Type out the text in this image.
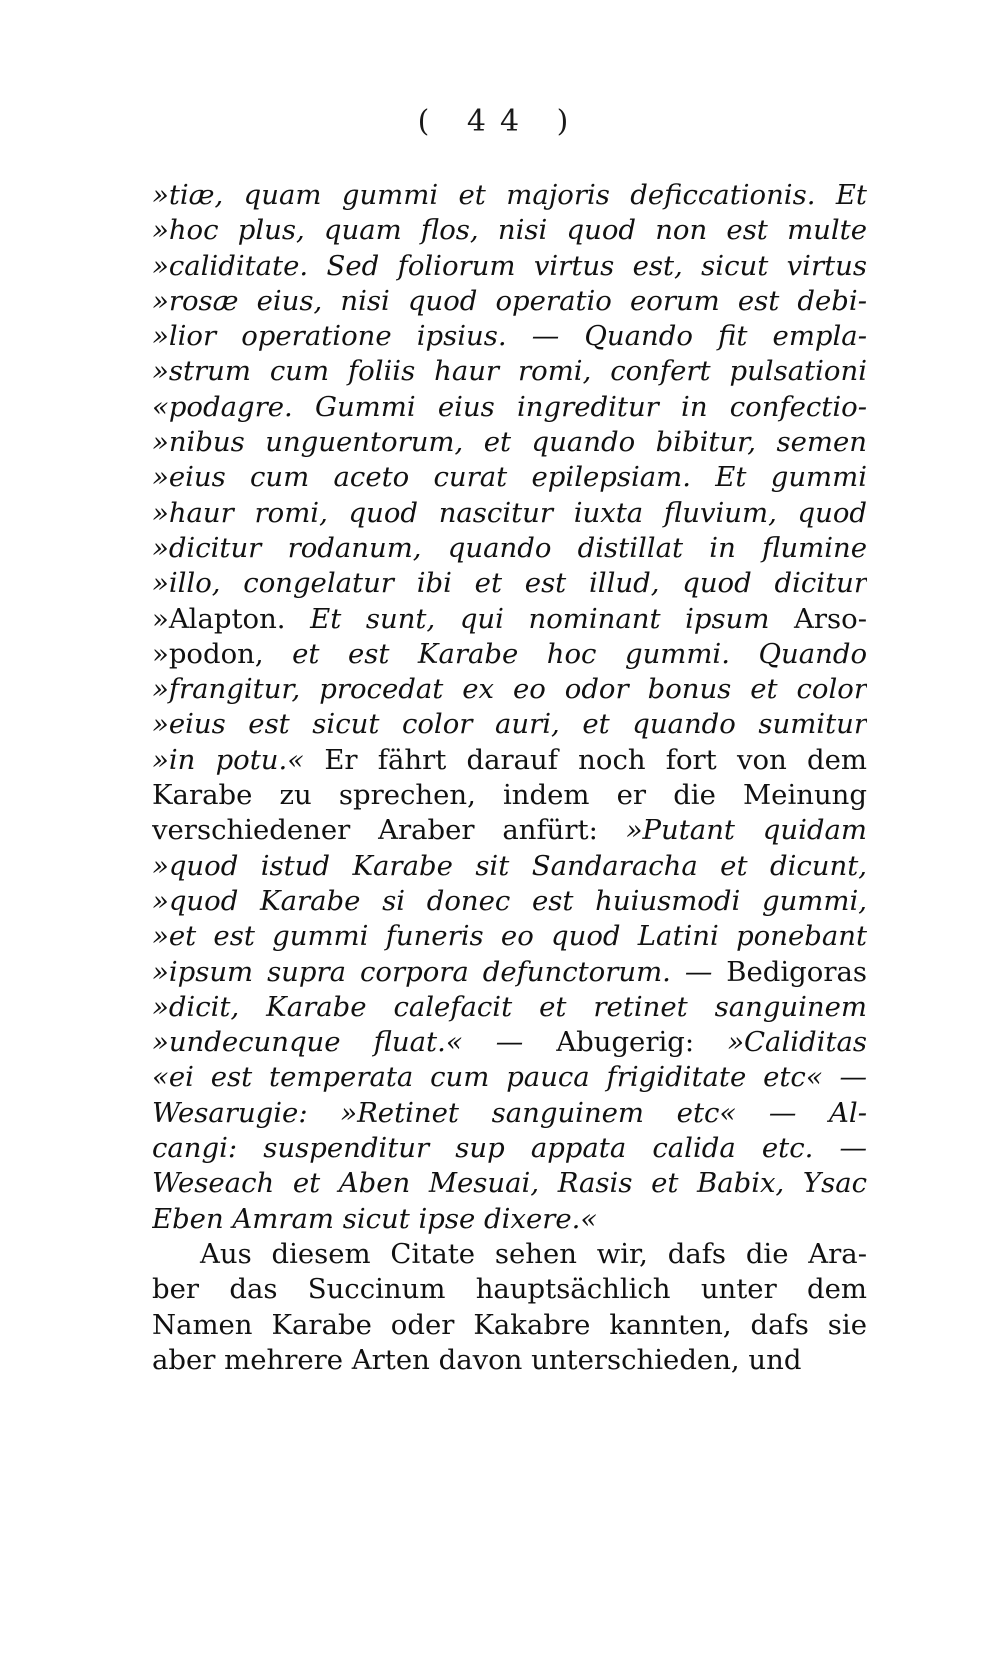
( 44 )
»tiæ, quam gummi et majoris deficcationis. Et
»hoc plus, quam flos, nisi quod non est multe
»caliditate. Sed foliorum virtus est, sicut virtus
»rosæ eius, nisi quod operatio eorum est debi-
»lior operatione ipsius. — Quando fit empla-
»strum cum foliis haur romi, confert pulsationi
«podagre. Gummi eius ingreditur in confectio-
»nibus unguentorum, et quando bibitur, semen
»eius cum aceto curat epilepsiam. Et gummi
»haur romi, quod nascitur iuxta fluvium, quod
»dicitur rodanum, quando distillat in flumine
»illo, congelatur ibi et est illud, quod dicitur
»Alapton. Et sunt, qui nominant ipsum Arso-
»podon, et est Karabe hoc gummi. Quando
»frangitur, procedat ex eo odor bonus et color
»eius est sicut color auri, et quando sumitur
»in potu.« Er fährt darauf noch fort von dem
Karabe zu sprechen, indem er die Meinung
verschiedener Araber anfürt: »Putant quidam
»quod istud Karabe sit Sandaracha et dicunt,
»quod Karabe si donec est huiusmodi gummi,
»et est gummi funeris eo quod Latini ponebant
»ipsum supra corpora defunctorum. — Bedigoras
»dicit, Karabe calefacit et retinet sanguinem
»undecunque fluat.« — Abugerig: »Caliditas
«ei est temperata cum pauca frigiditate etc« —
Wesarugie: »Retinet sanguinem etc« — Al-
cangi: suspenditur sup appata calida etc. —
Weseach et Aben Mesuai, Rasis et Babix, Ysac
Eben Amram sicut ipse dixere.«
Aus diesem Citate sehen wir, dafs die Ara-
ber das Succinum hauptsächlich unter dem
Namen Karabe oder Kakabre kannten, dafs sie
aber mehrere Arten davon unterschieden, und
